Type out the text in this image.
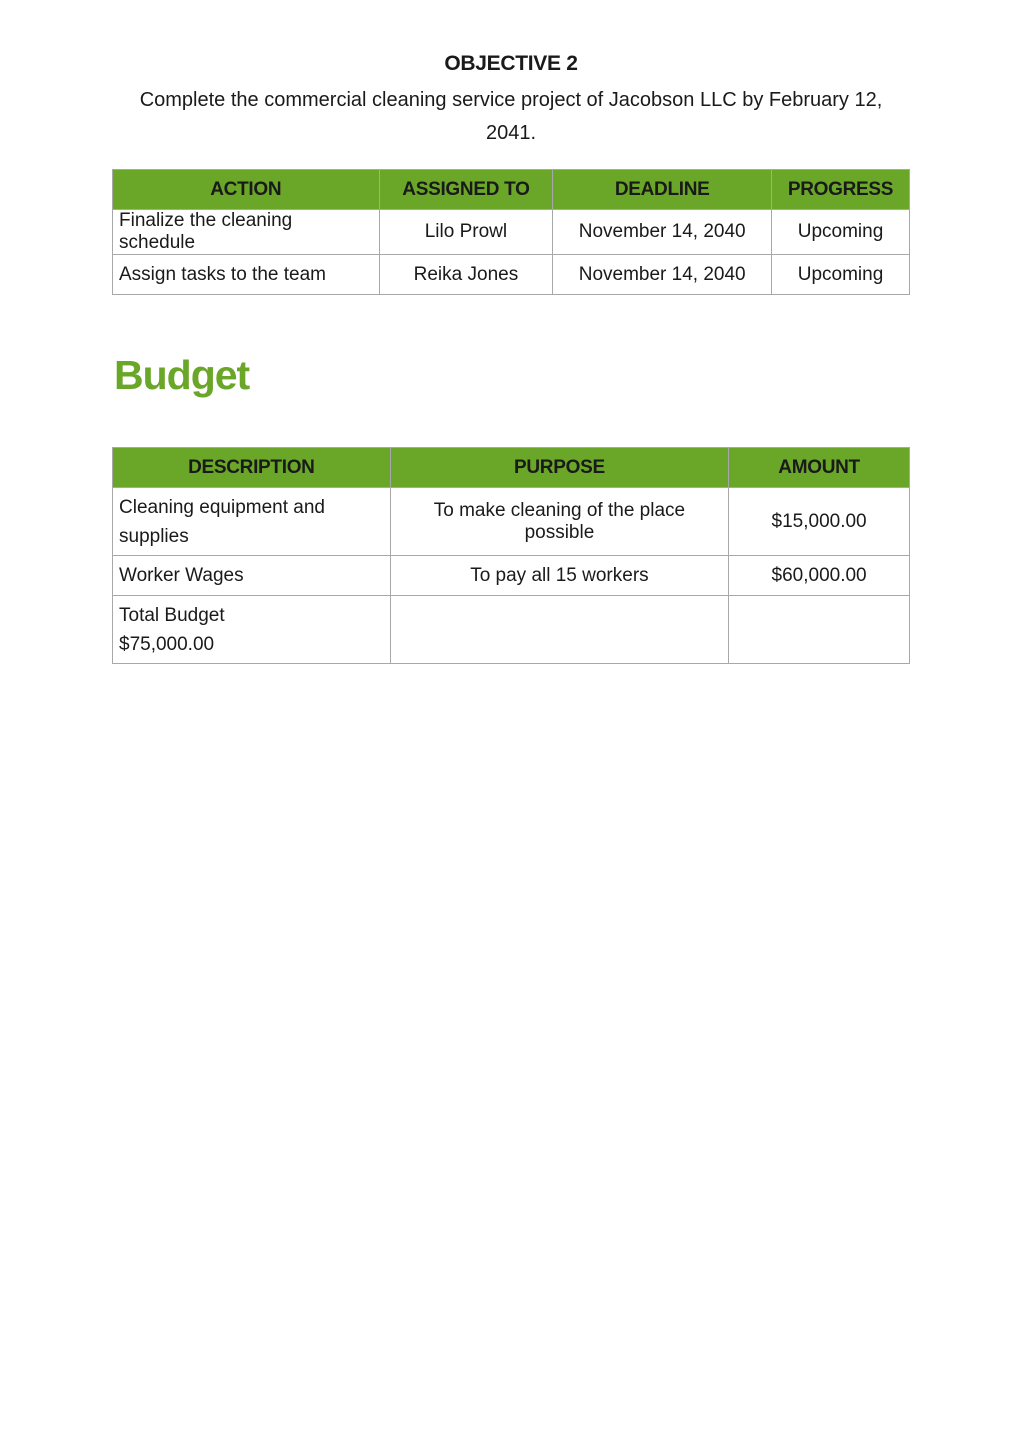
OBJECTIVE 2
Complete the commercial cleaning service project of Jacobson LLC by February 12, 2041.
ACTION	ASSIGNED TO	DEADLINE	PROGRESS
Finalize the cleaning schedule	Lilo Prowl	November 14, 2040	Upcoming
Assign tasks to the team	Reika Jones	November 14, 2040	Upcoming
Budget
DESCRIPTION	PURPOSE	AMOUNT
Cleaning equipment and supplies	To make cleaning of the place possible	$15,000.00
Worker Wages	To pay all 15 workers	$60,000.00
Total Budget
$75,000.00		
